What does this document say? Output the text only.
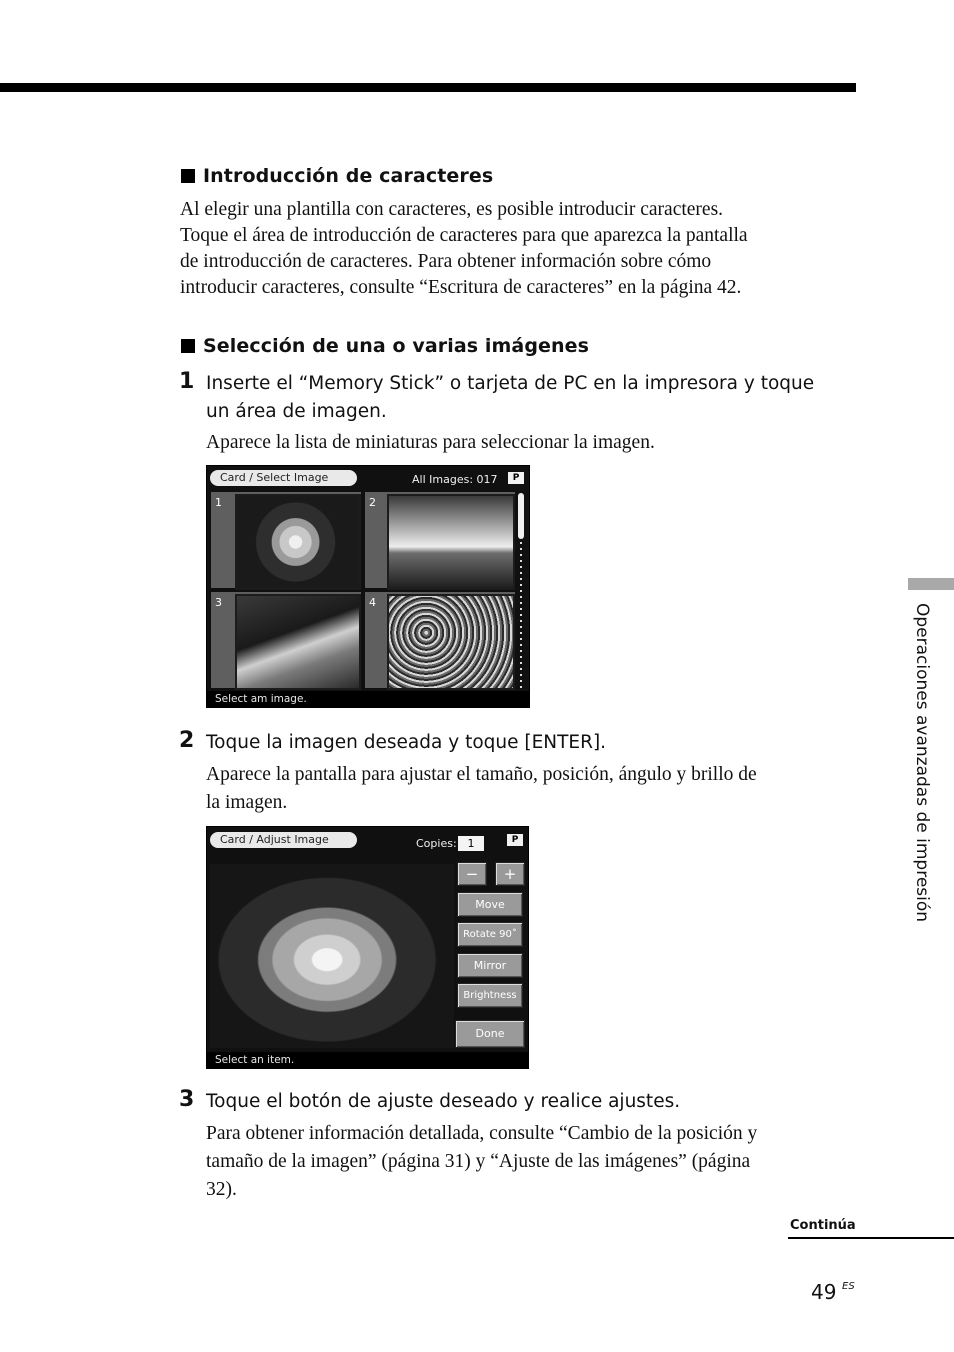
Introducción de caracteres
Al elegir una plantilla con caracteres, es posible introducir caracteres.
Toque el área de introducción de caracteres para que aparezca la pantalla
de introducción de caracteres. Para obtener información sobre cómo
introducir caracteres, consulte “Escritura de caracteres” en la página 42.
Selección de una o varias imágenes
1 Inserte el “Memory Stick” o tarjeta de PC en la impresora y toque
un área de imagen.
Aparece la lista de miniaturas para seleccionar la imagen.
Card / Select Image	All Images: 017	P
1	2
3	4
Select am image.
2 Toque la imagen deseada y toque [ENTER].
Aparece la pantalla para ajustar el tamaño, posición, ángulo y brillo de
la imagen.
Card / Adjust Image	Copies: 1	P
−	+
Move
Rotate 90˚
Mirror
Brightness
Done
Select an item.
3 Toque el botón de ajuste deseado y realice ajustes.
Para obtener información detallada, consulte “Cambio de la posición y
tamaño de la imagen” (página 31) y “Ajuste de las imágenes” (página
32).
Operaciones avanzadas de impresión
Continúa
49 ES
